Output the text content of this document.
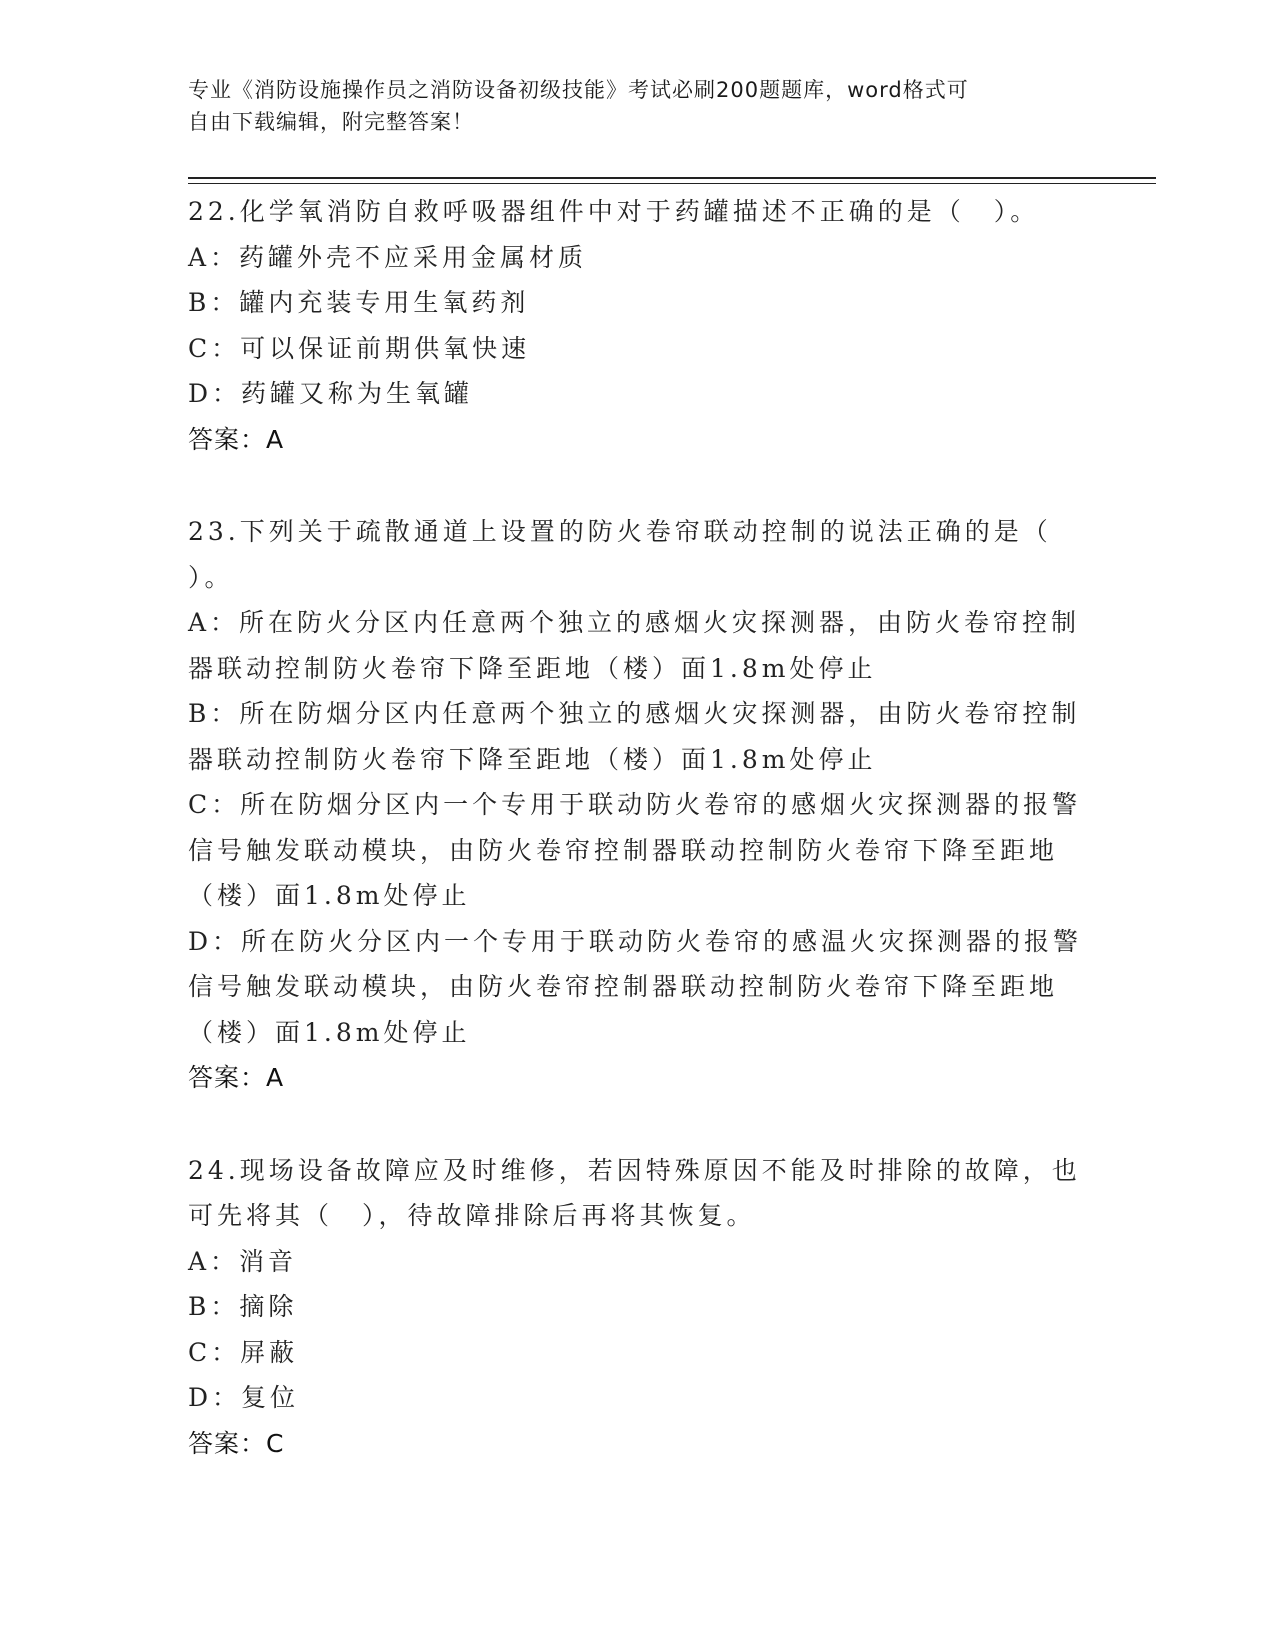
专业《消防设施操作员之消防设备初级技能》考试必刷200题题库，word格式可
自由下载编辑，附完整答案！
22.化学氧消防自救呼吸器组件中对于药罐描述不正确的是（　）。
A：药罐外壳不应采用金属材质
B：罐内充装专用生氧药剂
C：可以保证前期供氧快速
D：药罐又称为生氧罐
答案：A
23.下列关于疏散通道上设置的防火卷帘联动控制的说法正确的是（
）。
A：所在防火分区内任意两个独立的感烟火灾探测器，由防火卷帘控制
器联动控制防火卷帘下降至距地（楼）面1.8m处停止
B：所在防烟分区内任意两个独立的感烟火灾探测器，由防火卷帘控制
器联动控制防火卷帘下降至距地（楼）面1.8m处停止
C：所在防烟分区内一个专用于联动防火卷帘的感烟火灾探测器的报警
信号触发联动模块，由防火卷帘控制器联动控制防火卷帘下降至距地
（楼）面1.8m处停止
D：所在防火分区内一个专用于联动防火卷帘的感温火灾探测器的报警
信号触发联动模块，由防火卷帘控制器联动控制防火卷帘下降至距地
（楼）面1.8m处停止
答案：A
24.现场设备故障应及时维修，若因特殊原因不能及时排除的故障，也
可先将其（　），待故障排除后再将其恢复。
A：消音
B：摘除
C：屏蔽
D：复位
答案：C
